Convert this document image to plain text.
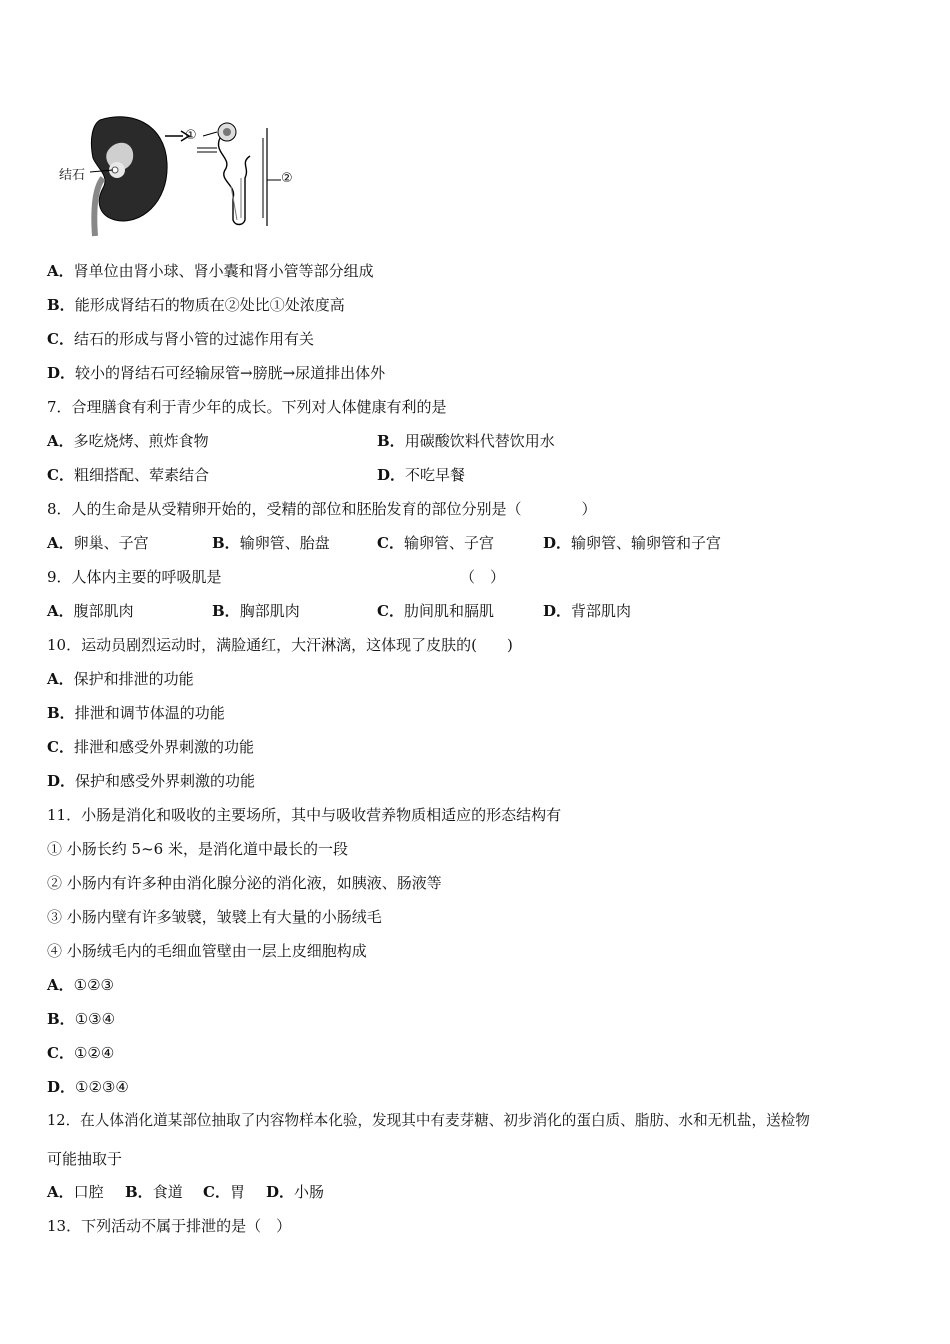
结石
①
②
A．肾单位由肾小球、肾小囊和肾小管等部分组成
B．能形成肾结石的物质在②处比①处浓度高
C．结石的形成与肾小管的过滤作用有关
D．较小的肾结石可经输尿管→膀胱→尿道排出体外
7．合理膳食有利于青少年的成长。下列对人体健康有利的是
A．多吃烧烤、煎炸食物	B．用碳酸饮料代替饮用水
C．粗细搭配、荤素结合	D．不吃早餐
8．人的生命是从受精卵开始的，受精的部位和胚胎发育的部位分别是（　　　　）
A．卵巢、子宫	B．输卵管、胎盘	C．输卵管、子宫	D．输卵管、输卵管和子宫
9．人体内主要的呼吸肌是	（　）
A．腹部肌肉	B．胸部肌肉	C．肋间肌和膈肌	D．背部肌肉
10．运动员剧烈运动时，满脸通红，大汗淋漓，这体现了皮肤的(　　)
A．保护和排泄的功能
B．排泄和调节体温的功能
C．排泄和感受外界刺激的功能
D．保护和感受外界刺激的功能
11．小肠是消化和吸收的主要场所，其中与吸收营养物质相适应的形态结构有
① 小肠长约 5~6 米，是消化道中最长的一段
② 小肠内有许多种由消化腺分泌的消化液，如胰液、肠液等
③ 小肠内壁有许多皱襞，皱襞上有大量的小肠绒毛
④ 小肠绒毛内的毛细血管壁由一层上皮细胞构成
A．①②③
B．①③④
C．①②④
D．①②③④
12．在人体消化道某部位抽取了内容物样本化验，发现其中有麦芽糖、初步消化的蛋白质、脂肪、水和无机盐，送检物
可能抽取于
A．口腔 B．食道 C．胃 D．小肠
13．下列活动不属于排泄的是（　）
